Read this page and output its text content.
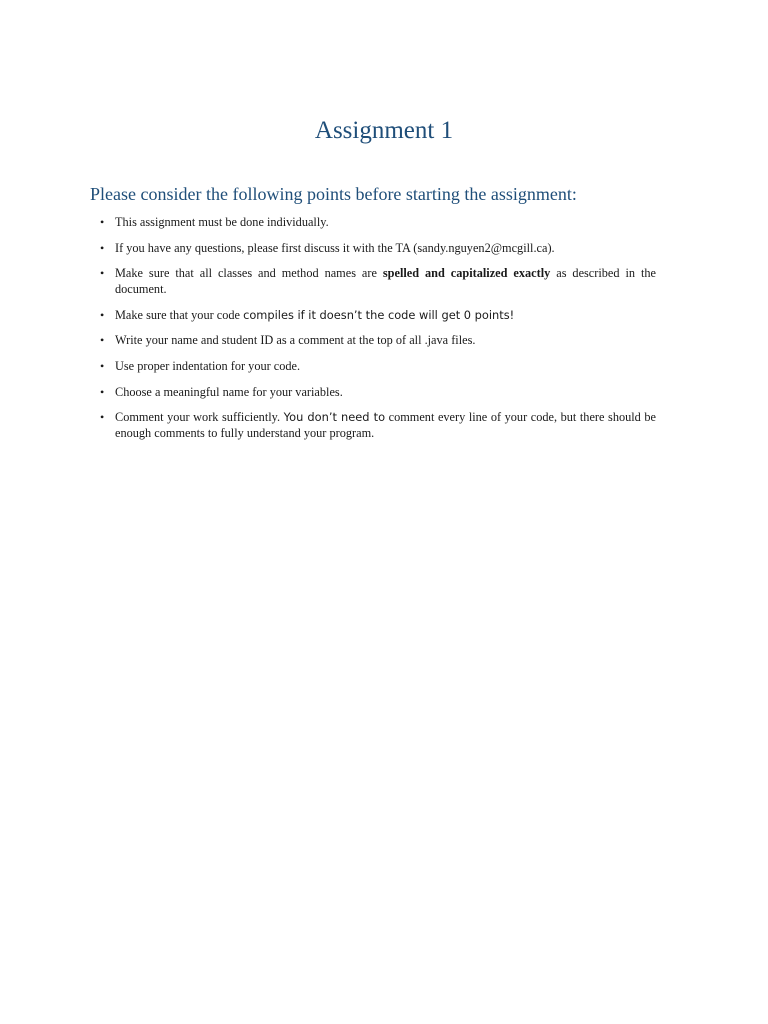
Assignment 1
Please consider the following points before starting the assignment:
• This assignment must be done individually.
• If you have any questions, please first discuss it with the TA (sandy.nguyen2@mcgill.ca).
• Make sure that all classes and method names are spelled and capitalized exactly as described in the document.
• Make sure that your code compiles if it doesn’t the code will get 0 points!
• Write your name and student ID as a comment at the top of all .java files.
• Use proper indentation for your code.
• Choose a meaningful name for your variables.
• Comment your work sufficiently. You don’t need to comment every line of your code, but there should be enough comments to fully understand your program.
